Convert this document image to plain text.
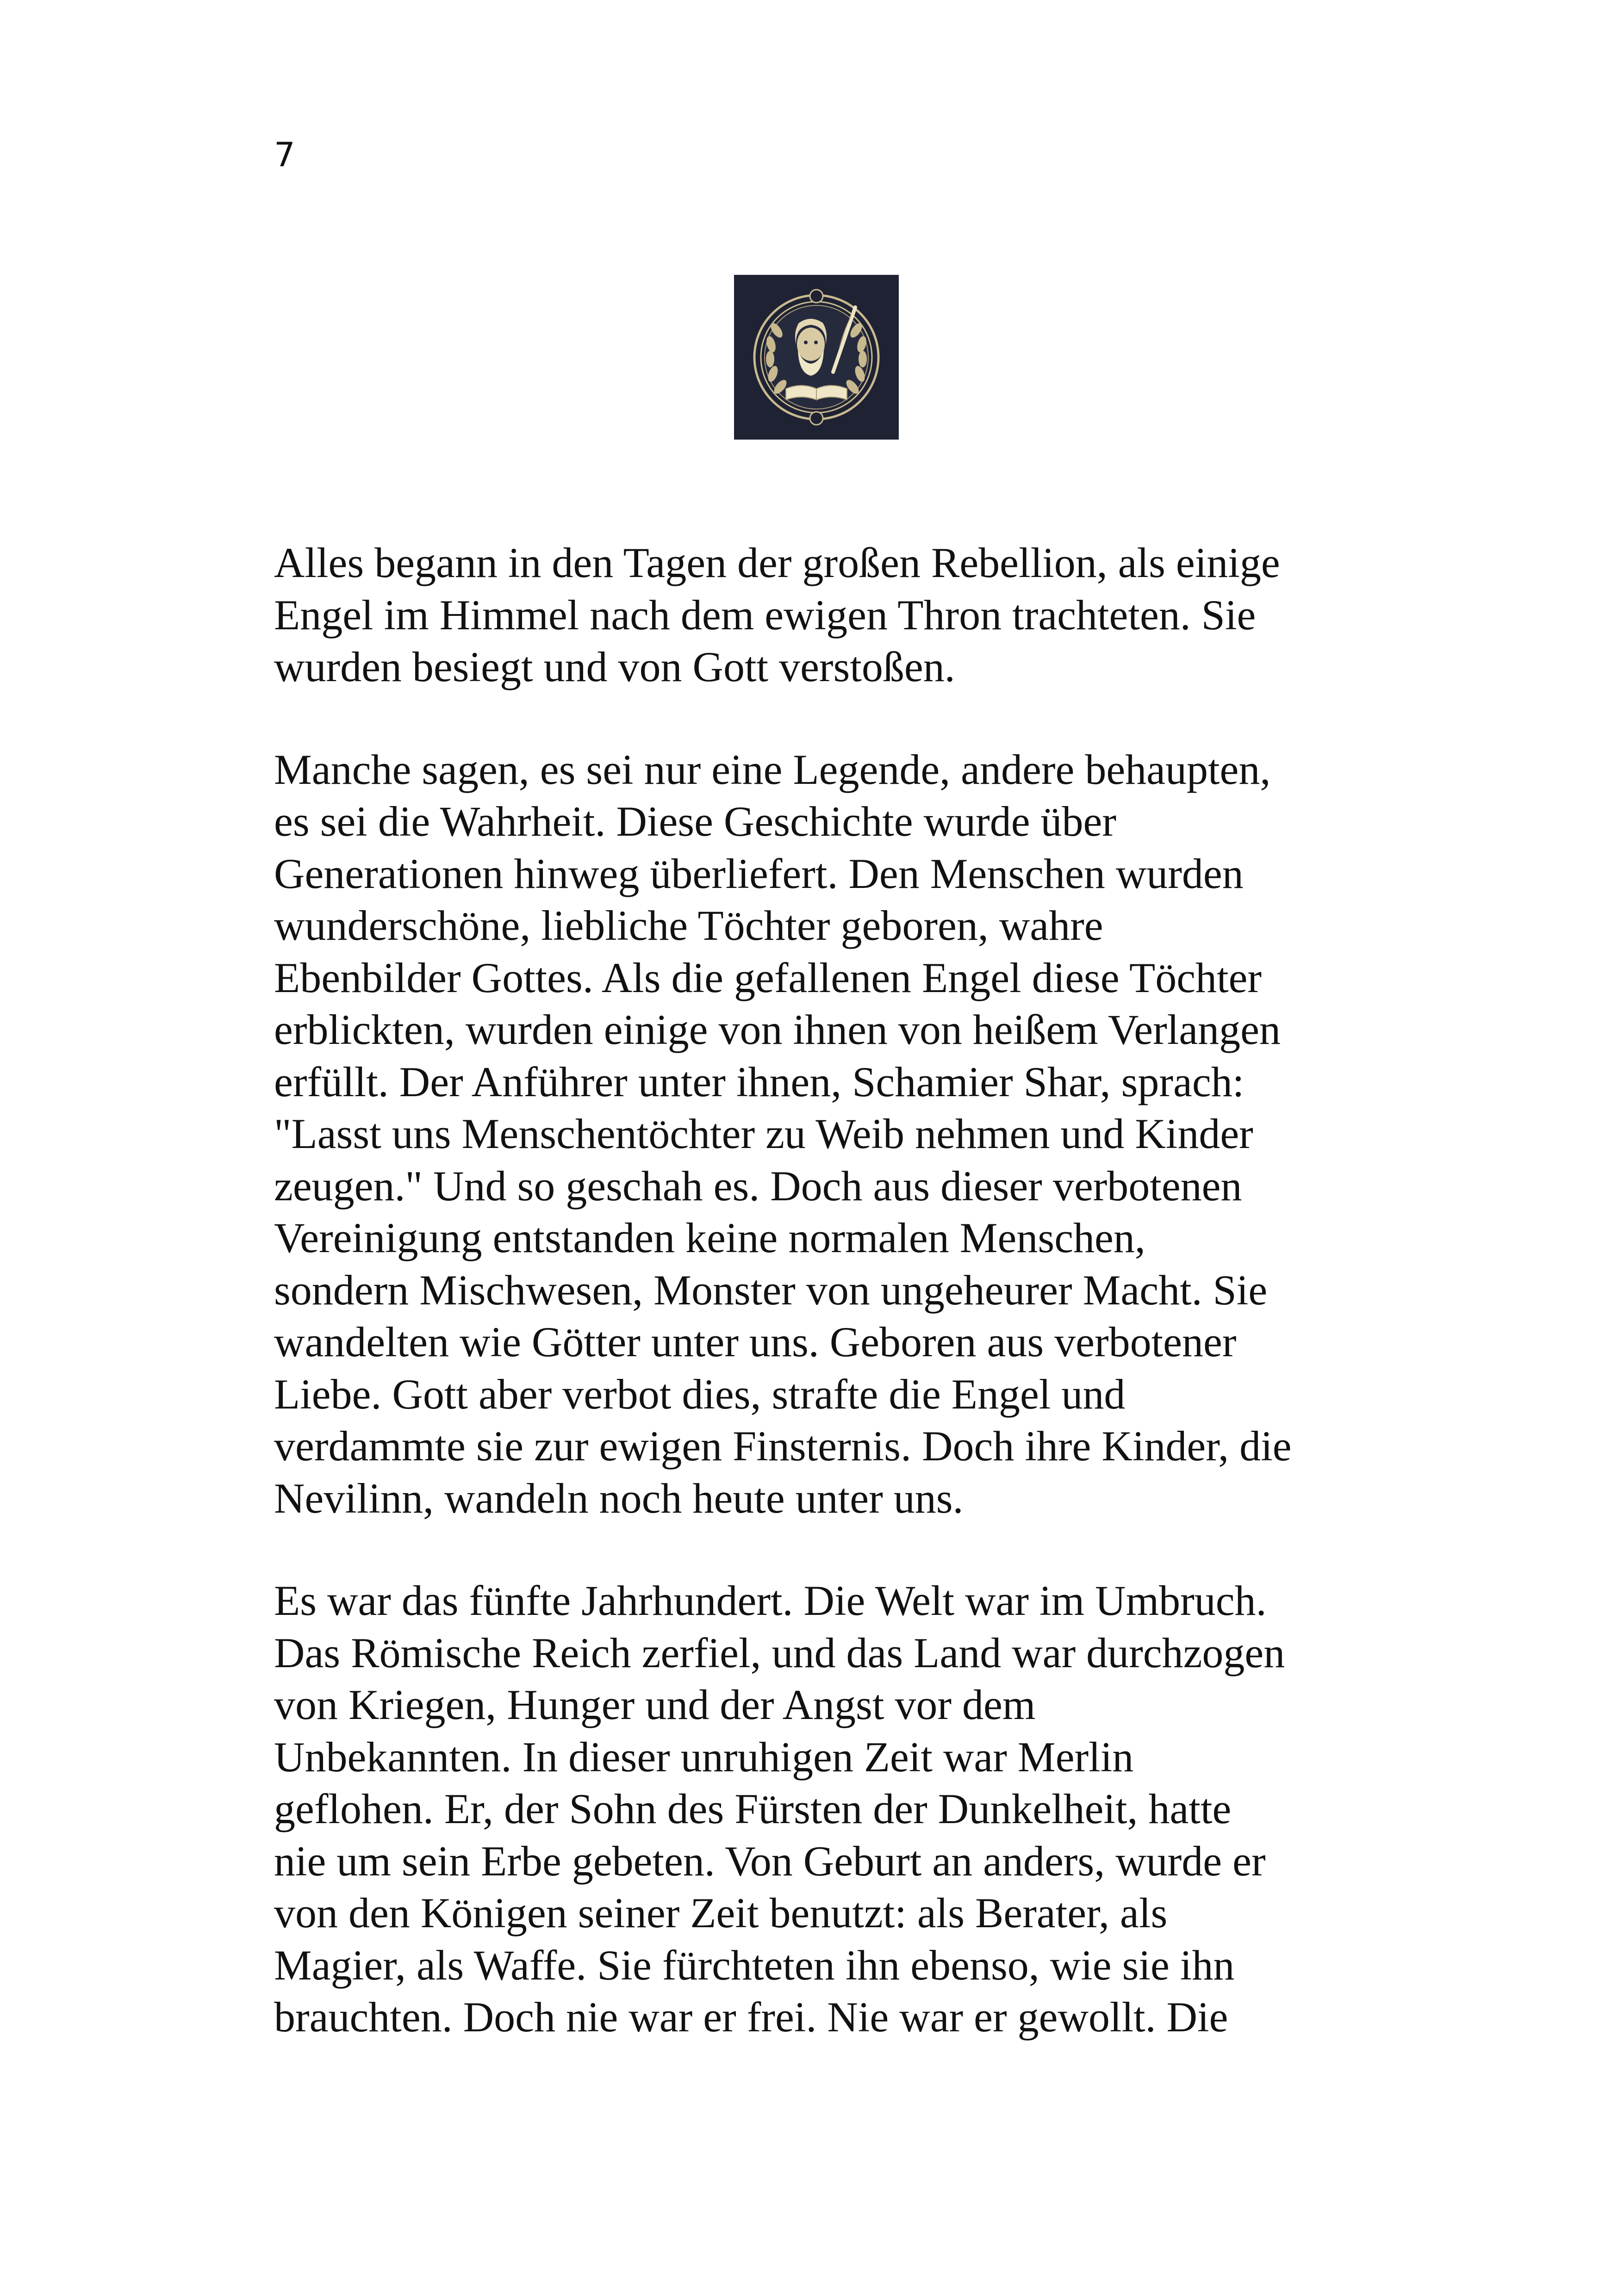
7

Alles begann in den Tagen der großen Rebellion, als einige
Engel im Himmel nach dem ewigen Thron trachteten. Sie
wurden besiegt und von Gott verstoßen.

Manche sagen, es sei nur eine Legende, andere behaupten,
es sei die Wahrheit. Diese Geschichte wurde über
Generationen hinweg überliefert. Den Menschen wurden
wunderschöne, liebliche Töchter geboren, wahre
Ebenbilder Gottes. Als die gefallenen Engel diese Töchter
erblickten, wurden einige von ihnen von heißem Verlangen
erfüllt. Der Anführer unter ihnen, Schamier Shar, sprach:
"Lasst uns Menschentöchter zu Weib nehmen und Kinder
zeugen." Und so geschah es. Doch aus dieser verbotenen
Vereinigung entstanden keine normalen Menschen,
sondern Mischwesen, Monster von ungeheurer Macht. Sie
wandelten wie Götter unter uns. Geboren aus verbotener
Liebe. Gott aber verbot dies, strafte die Engel und
verdammte sie zur ewigen Finsternis. Doch ihre Kinder, die
Nevilinn, wandeln noch heute unter uns.

Es war das fünfte Jahrhundert. Die Welt war im Umbruch.
Das Römische Reich zerfiel, und das Land war durchzogen
von Kriegen, Hunger und der Angst vor dem
Unbekannten. In dieser unruhigen Zeit war Merlin
geflohen. Er, der Sohn des Fürsten der Dunkelheit, hatte
nie um sein Erbe gebeten. Von Geburt an anders, wurde er
von den Königen seiner Zeit benutzt: als Berater, als
Magier, als Waffe. Sie fürchteten ihn ebenso, wie sie ihn
brauchten. Doch nie war er frei. Nie war er gewollt. Die
